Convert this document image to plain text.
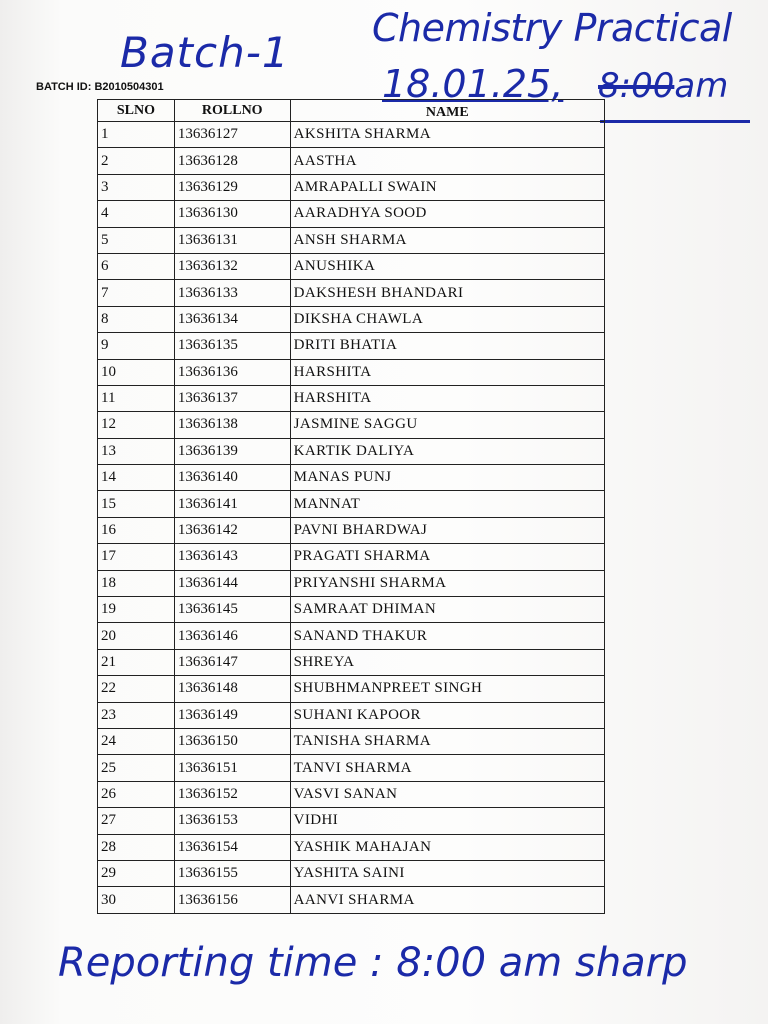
Batch-1 Chemistry Practical
18.01.25, 8:00am
BATCH ID: B2010504301
SLNO	ROLLNO	NAME
1	13636127	AKSHITA SHARMA
2	13636128	AASTHA
3	13636129	AMRAPALLI SWAIN
4	13636130	AARADHYA SOOD
5	13636131	ANSH SHARMA
6	13636132	ANUSHIKA
7	13636133	DAKSHESH BHANDARI
8	13636134	DIKSHA CHAWLA
9	13636135	DRITI BHATIA
10	13636136	HARSHITA
11	13636137	HARSHITA
12	13636138	JASMINE SAGGU
13	13636139	KARTIK DALIYA
14	13636140	MANAS PUNJ
15	13636141	MANNAT
16	13636142	PAVNI BHARDWAJ
17	13636143	PRAGATI SHARMA
18	13636144	PRIYANSHI SHARMA
19	13636145	SAMRAAT DHIMAN
20	13636146	SANAND THAKUR
21	13636147	SHREYA
22	13636148	SHUBHMANPREET SINGH
23	13636149	SUHANI KAPOOR
24	13636150	TANISHA SHARMA
25	13636151	TANVI SHARMA
26	13636152	VASVI SANAN
27	13636153	VIDHI
28	13636154	YASHIK MAHAJAN
29	13636155	YASHITA SAINI
30	13636156	AANVI SHARMA
Reporting time : 8:00 am sharp
